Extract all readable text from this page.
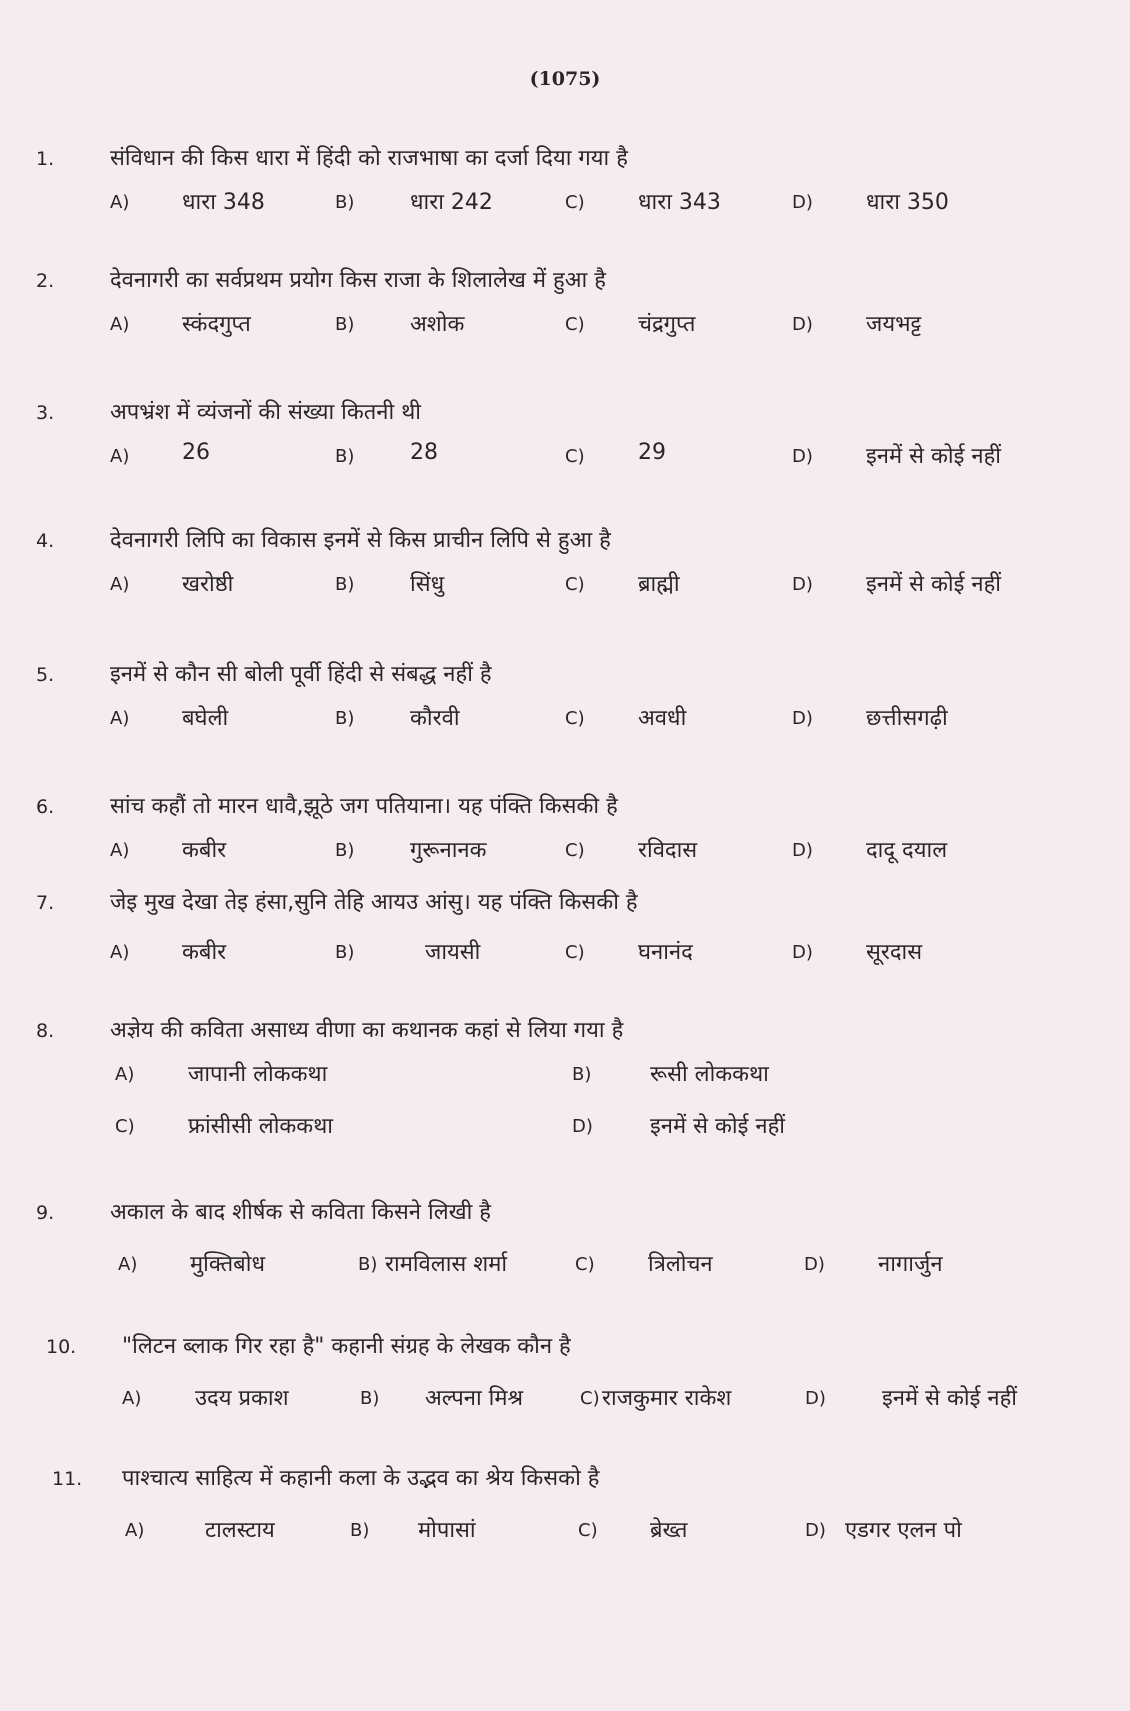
(1075)
1.	संविधान की किस धारा में हिंदी को राजभाषा का दर्जा दिया गया है
A) धारा 348	B)	धारा 242	C) धारा 343	D) धारा 350
2.	देवनागरी का सर्वप्रथम प्रयोग किस राजा के शिलालेख में हुआ है
A) स्कंदगुप्त	B)	अशोक	C) चंद्रगुप्त	D) जयभट्ट
3.	अपभ्रंश में व्यंजनों की संख्या कितनी थी
A) 26	B)	28	C) 29	D) इनमें से कोई नहीं
4.	देवनागरी लिपि का विकास इनमें से किस प्राचीन लिपि से हुआ है
A) खरोष्ठी	B)	सिंधु	C) ब्राह्मी	D) इनमें से कोई नहीं
5.	इनमें से कौन सी बोली पूर्वी हिंदी से संबद्ध नहीं है
A) बघेली	B)	कौरवी	C) अवधी	D) छत्तीसगढ़ी
6.	सांच कहौं तो मारन धावै,झूठे जग पतियाना। यह पंक्ति किसकी है
A) कबीर	B)	गुरूनानक	C) रविदास	D) दादू दयाल
7.	जेइ मुख देखा तेइ हंसा,सुनि तेहि आयउ आंसु। यह पंक्ति किसकी है
A) कबीर	B)	जायसी	C) घनानंद	D) सूरदास
8.	अज्ञेय की कविता असाध्य वीणा का कथानक कहां से लिया गया है
A) जापानी लोककथा	B)	रूसी लोककथा
C) फ्रांसीसी लोककथा	D)	इनमें से कोई नहीं
9.	अकाल के बाद शीर्षक से कविता किसने लिखी है
A) मुक्तिबोध	B) रामविलास शर्मा	C) त्रिलोचन	D) नागार्जुन
10. "लिटन ब्लाक गिर रहा है" कहानी संग्रह के लेखक कौन है
A) उदय प्रकाश	B) अल्पना मिश्र	C) राजकुमार राकेश	D)	इनमें से कोई नहीं
11. पाश्चात्य साहित्य में कहानी कला के उद्भव का श्रेय किसको है
A)	टालस्टाय	B) मोपासां	C) ब्रेख्त	D) एडगर एलन पो
